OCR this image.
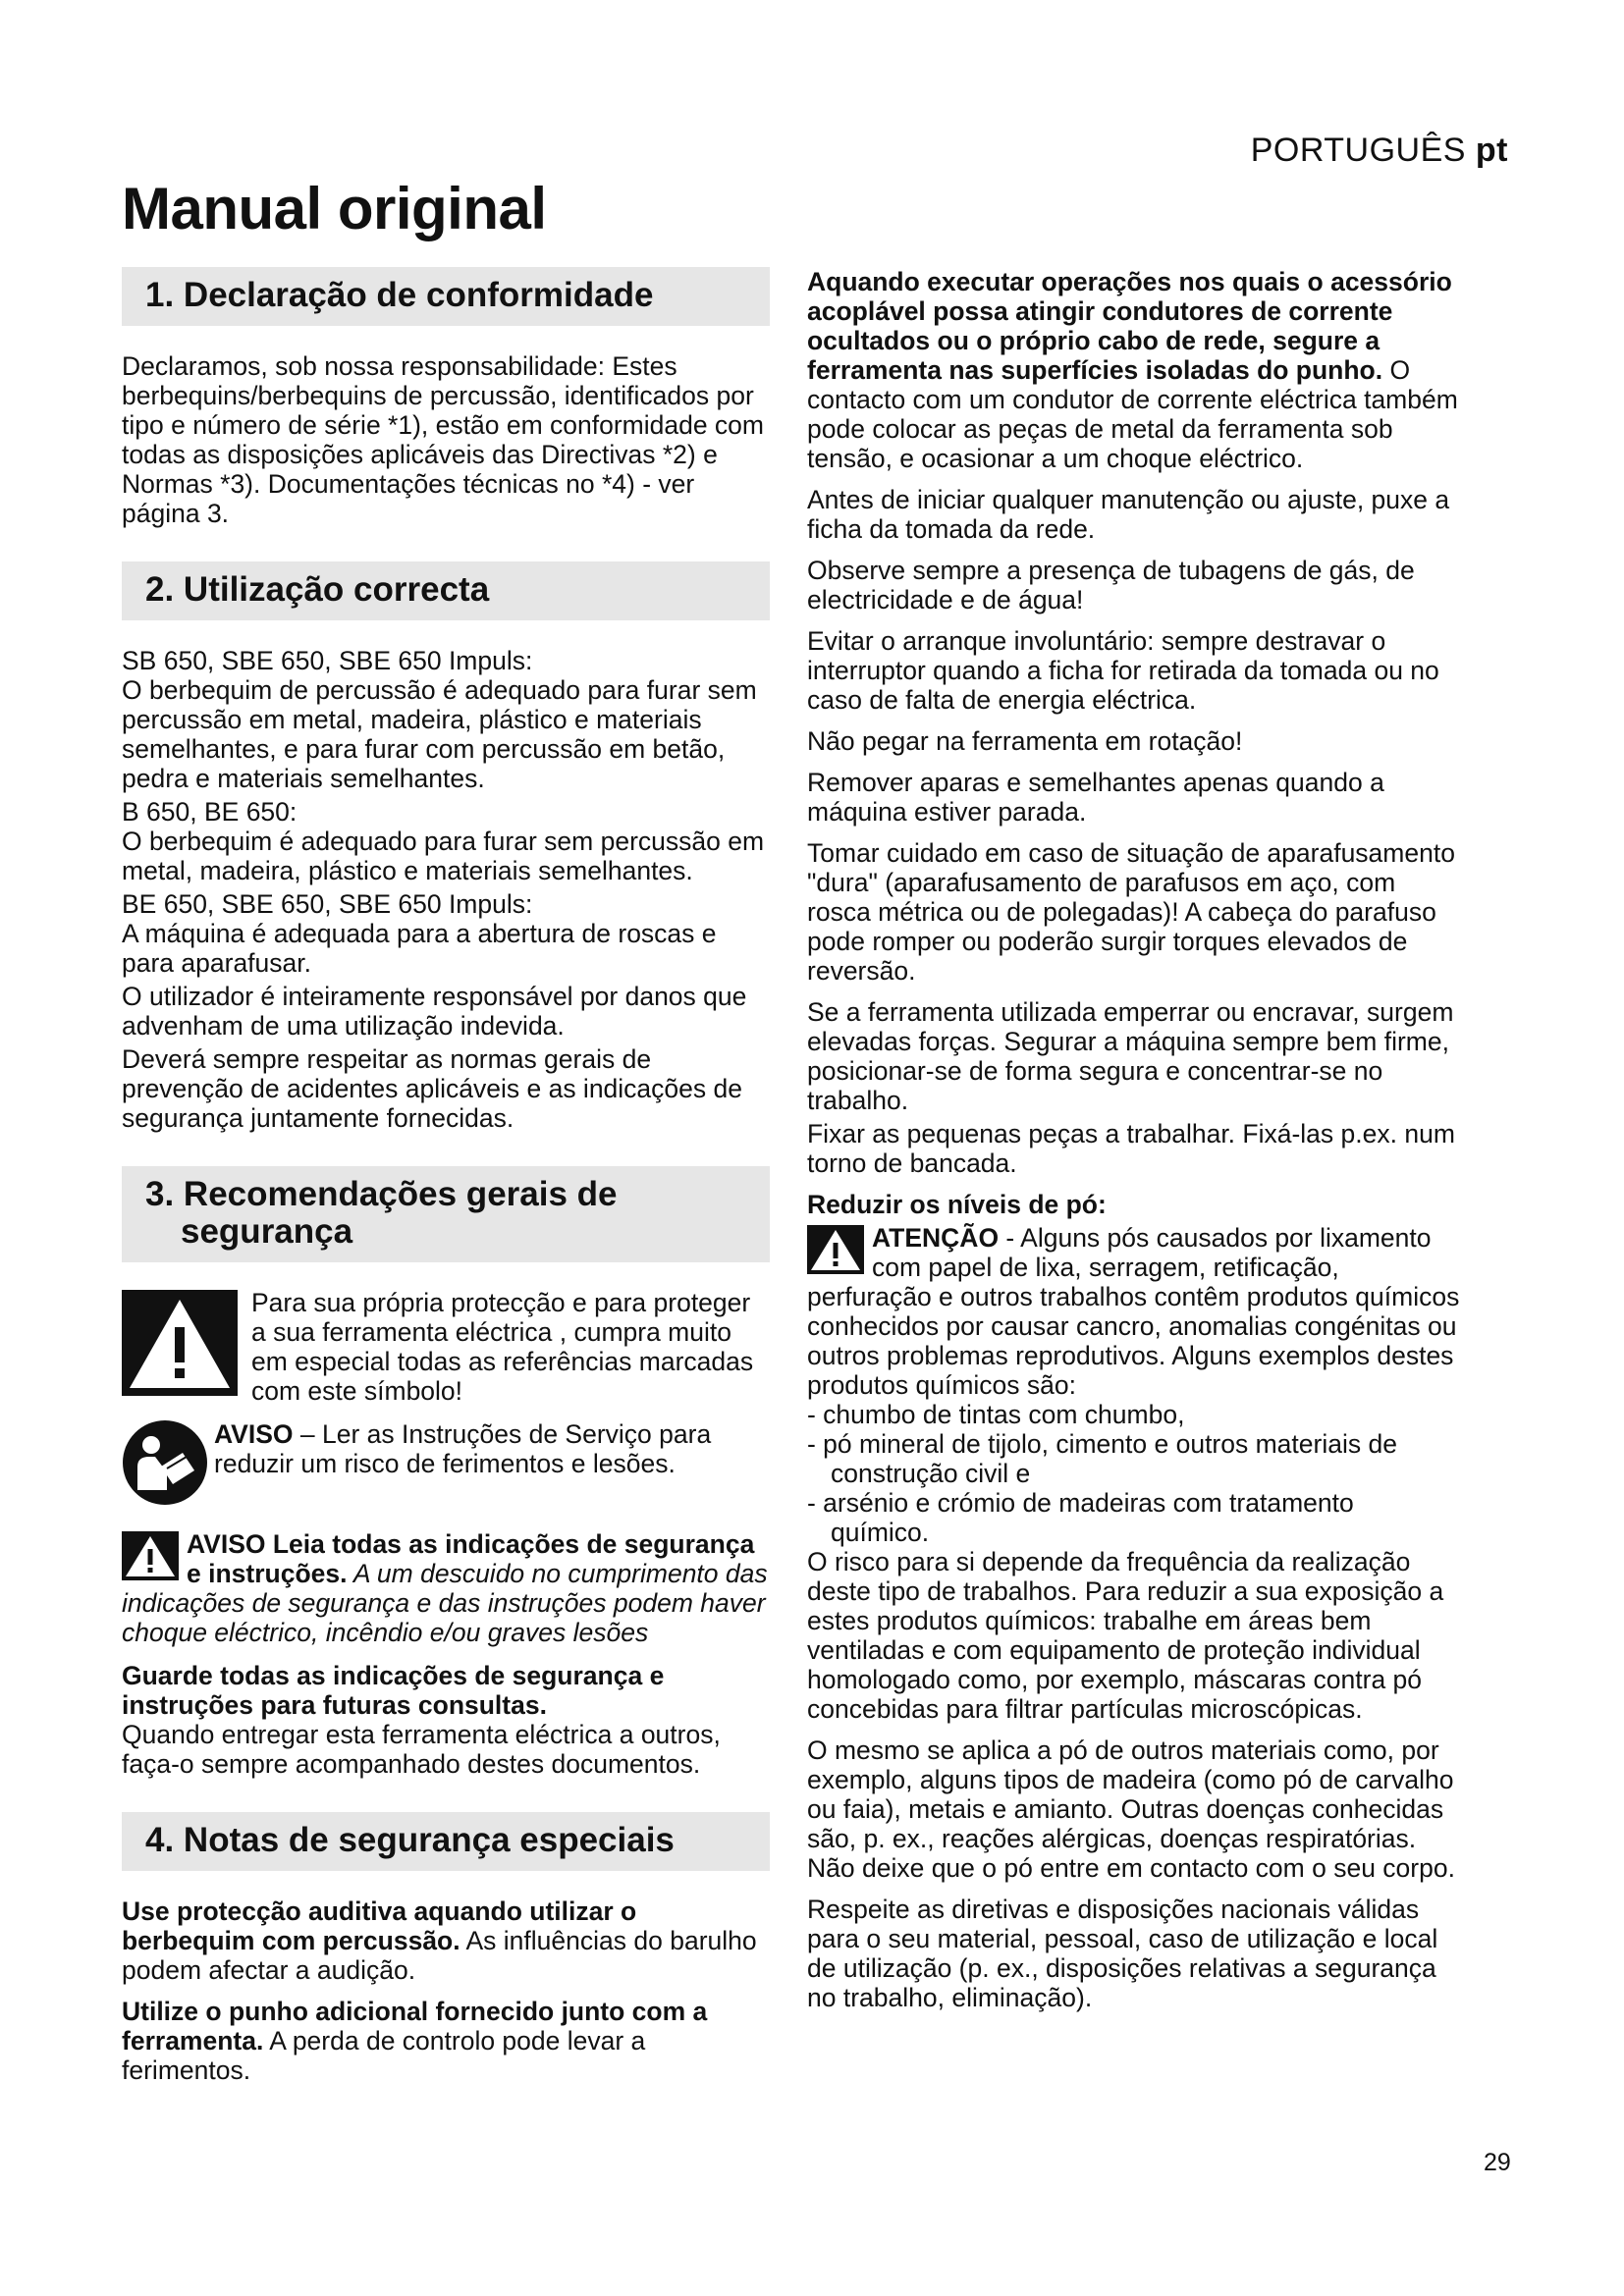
PORTUGUÊS pt
Manual original
1. Declaração de conformidade

Declaramos, sob nossa responsabilidade: Estes berbequins/berbequins de percussão, identificados por tipo e número de série *1), estão em conformidade com todas as disposições aplicáveis das Directivas *2) e Normas *3). Documentações técnicas no *4) - ver página 3.

2. Utilização correcta

SB 650, SBE 650, SBE 650 Impuls:
O berbequim de percussão é adequado para furar sem percussão em metal, madeira, plástico e materiais semelhantes, e para furar com percussão em betão, pedra e materiais semelhantes.

B 650, BE 650:
O berbequim é adequado para furar sem percussão em metal, madeira, plástico e materiais semelhantes.

BE 650, SBE 650, SBE 650 Impuls:
A máquina é adequada para a abertura de roscas e para aparafusar.

O utilizador é inteiramente responsável por danos que advenham de uma utilização indevida.

Deverá sempre respeitar as normas gerais de prevenção de acidentes aplicáveis e as indicações de segurança juntamente fornecidas.

3. Recomendações gerais de
segurança
Para sua própria protecção e para proteger a sua ferramenta eléctrica , cumpra muito em especial todas as referências marcadas com este símbolo!
AVISO – Ler as Instruções de Serviço para reduzir um risco de ferimentos e lesões.

AVISO Leia todas as indicações de segurança e instruções. A um descuido no cumprimento das indicações de segurança e das instruções podem haver choque eléctrico, incêndio e/ou graves lesões

Guarde todas as indicações de segurança e instruções para futuras consultas.
Quando entregar esta ferramenta eléctrica a outros, faça-o sempre acompanhado destes documentos.

4. Notas de segurança especiais

Use protecção auditiva aquando utilizar o berbequim com percussão. As influências do barulho podem afectar a audição.

Utilize o punho adicional fornecido junto com a ferramenta. A perda de controlo pode levar a ferimentos.

Aquando executar operações nos quais o acessório acoplável possa atingir condutores de corrente ocultados ou o próprio cabo de rede, segure a ferramenta nas superfícies isoladas do punho. O contacto com um condutor de corrente eléctrica também pode colocar as peças de metal da ferramenta sob tensão, e ocasionar a um choque eléctrico.

Antes de iniciar qualquer manutenção ou ajuste, puxe a ficha da tomada da rede.

Observe sempre a presença de tubagens de gás, de electricidade e de água!

Evitar o arranque involuntário: sempre destravar o interruptor quando a ficha for retirada da tomada ou no caso de falta de energia eléctrica.

Não pegar na ferramenta em rotação!

Remover aparas e semelhantes apenas quando a máquina estiver parada.

Tomar cuidado em caso de situação de aparafusamento "dura" (aparafusamento de parafusos em aço, com rosca métrica ou de polegadas)! A cabeça do parafuso pode romper ou poderão surgir torques elevados de reversão.

Se a ferramenta utilizada emperrar ou encravar, surgem elevadas forças. Segurar a máquina sempre bem firme, posicionar-se de forma segura e concentrar-se no trabalho.

Fixar as pequenas peças a trabalhar. Fixá-las p.ex. num torno de bancada.

Reduzir os níveis de pó:

ATENÇÃO - Alguns pós causados por lixamento com papel de lixa, serragem, retificação, perfuração e outros trabalhos contêm produtos químicos conhecidos por causar cancro, anomalias congénitas ou outros problemas reprodutivos. Alguns exemplos destes produtos químicos são:

- chumbo de tintas com chumbo,
- pó mineral de tijolo, cimento e outros materiais de
construção civil e
- arsénio e crómio de madeiras com tratamento
químico.

O risco para si depende da frequência da realização deste tipo de trabalhos. Para reduzir a sua exposição a estes produtos químicos: trabalhe em áreas bem ventiladas e com equipamento de proteção individual homologado como, por exemplo, máscaras contra pó concebidas para filtrar partículas microscópicas.

O mesmo se aplica a pó de outros materiais como, por exemplo, alguns tipos de madeira (como pó de carvalho ou faia), metais e amianto. Outras doenças conhecidas são, p. ex., reações alérgicas, doenças respiratórias. Não deixe que o pó entre em contacto com o seu corpo.

Respeite as diretivas e disposições nacionais válidas para o seu material, pessoal, caso de utilização e local de utilização (p. ex., disposições relativas a segurança no trabalho, eliminação).

29
